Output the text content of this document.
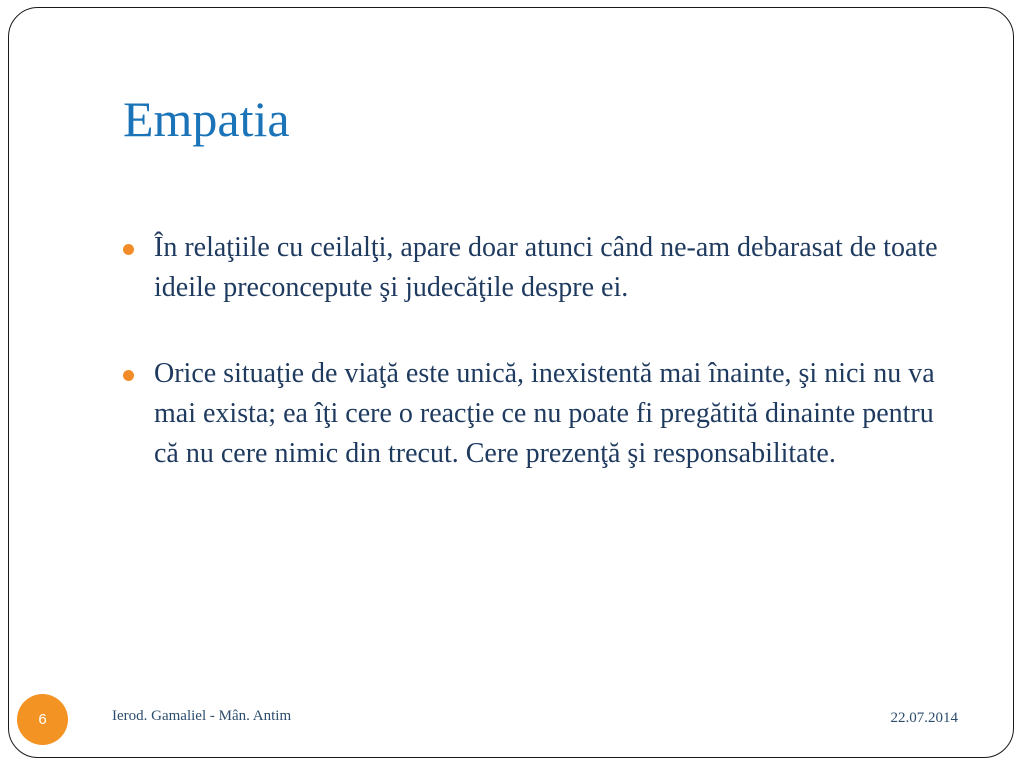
Empatia
În relaţiile cu ceilalţi, apare doar atunci când ne-am debarasat de toate ideile preconcepute şi judecăţile despre ei.
Orice situaţie de viaţă este unică, inexistentă mai înainte, şi nici nu va mai exista; ea îţi cere o reacţie ce nu poate fi pregătită dinainte pentru că nu cere nimic din trecut. Cere prezenţă şi responsabilitate.
6	Ierod. Gamaliel - Mân. Antim	22.07.2014
